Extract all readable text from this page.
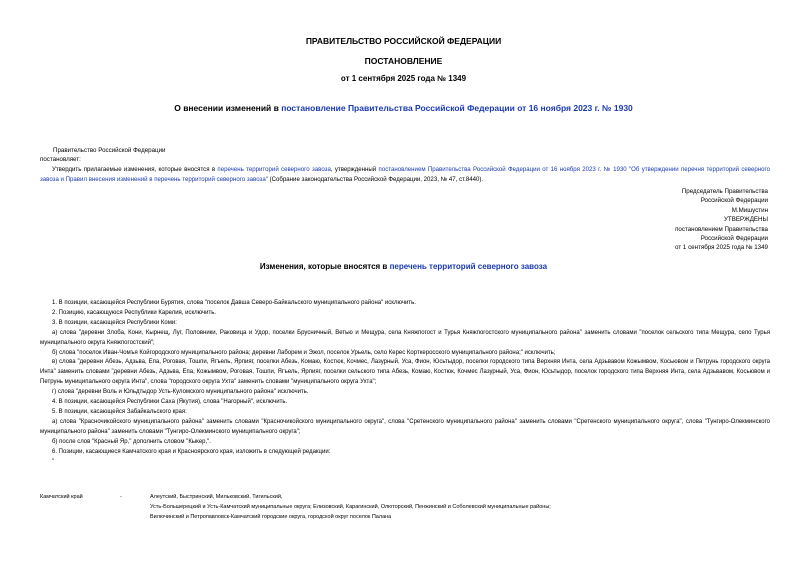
ПРАВИТЕЛЬСТВО РОССИЙСКОЙ ФЕДЕРАЦИИ
ПОСТАНОВЛЕНИЕ
от 1 сентября 2025 года № 1349
О внесении изменений в постановление Правительства Российской Федерации от 16 ноября 2023 г. № 1930
Правительство Российской Федерации
постановляет:
Утвердить прилагаемые изменения, которые вносятся в перечень территорий северного завоза, утвержденный постановлением Правительства Российской Федерации от 16 ноября 2023 г. № 1930 "Об утверждении перечня территорий северного завоза и Правил внесения изменений в перечень территорий северного завоза" (Собрание законодательства Российской Федерации, 2023, № 47, ст.8440).
Председатель Правительства
Российской Федерации
М.Мишустин
УТВЕРЖДЕНЫ
постановлением Правительства
Российской Федерации
от 1 сентября 2025 года № 1349
Изменения, которые вносятся в перечень территорий северного завоза
1. В позиции, касающейся Республики Бурятия, слова "поселок Давша Северо-Байкальского муниципального района" исключить.
2. Позицию, касающуюся Республики Карелия, исключить.
3. В позиции, касающейся Республики Коми:
а) слова "деревни Злоба, Кони, Кырнещ, Луг, Половники, Раковица и Удор, поселки Брусничный, Ветью и Мещура, села Княжпогост и Турья Княжпогостского муниципального района" заменить словами "поселок сельского типа Мещура, село Турья муниципального округа Княжпогостский";
б) слова "поселок Иван-Чомъя Койгородского муниципального района; деревни Лаборем и Эжол, поселок Урьель, село Керес Корткеросского муниципального района;" исключить;
в) слова "деревни Абезь, Адзьва, Епа, Роговая, Тошпи, Ягъель, Ярпияг, поселки Абезь, Комаю, Костюк, Кочмес, Лазурный, Уса, Фион, Юсьтыдор, поселки городского типа Верхняя Инта, села Адзьвавом Кожымвом, Косьювом и Петрунь городского округа Инта" заменить словами "деревни Абезь, Адзьва, Епа, Кожымвом, Роговая, Тошпи, Ягъель, Ярпияг, поселки сельского типа Абезь, Комаю, Костюк, Кочмес Лазурный, Уса, Фион, Юсьтыдор, поселок городского типа Верхняя Инта, села Адзьвавом, Косьювом и Петрунь муниципального округа Инта", слова "городского округа Ухта" заменить словами "муниципального округа Ухта";
г) слова "деревни Воль и Юльдтыдор Усть-Куломского муниципального района" исключить.
4. В позиции, касающейся Республики Саха (Якутия), слова "Нагорный", исключить.
5. В позиции, касающейся Забайкальского края:
а) слова "Красночикойского муниципального района" заменить словами "Красночикойского муниципального округа", слова "Сретенского муниципального района" заменить словами "Сретенского муниципального округа", слова "Тунгиро-Олекминского муниципального района" заменить словами "Тунгиро-Олекминского муниципального округа";
б) после слов "Красный Яр," дополнить словом "Кыкер,".
6. Позиции, касающиеся Камчатского края и Красноярского края, изложить в следующей редакции:
"
Камчатский край	-	Алеутский, Быстринский, Мильковский, Тигильский,
Усть-Большерецкий и Усть-Камчатский муниципальные округа; Елизовский, Карагинский, Олюторский, Пенжинский и Соболевский муниципальные районы;
Вилючинский и Петропавловск-Камчатский городские округа, городской округ поселок Палана
